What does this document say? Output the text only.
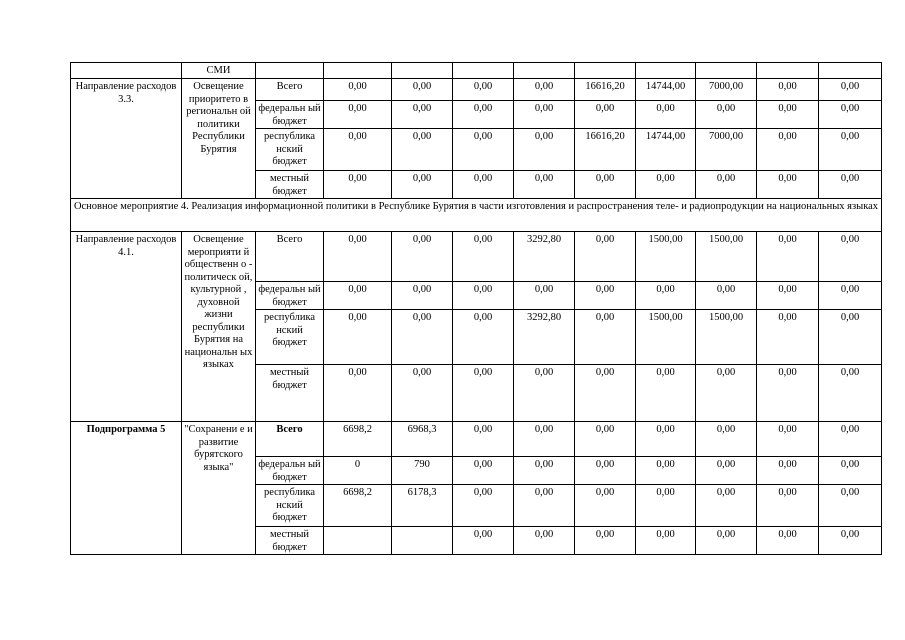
	СМИ										
Направление расходов 3.3.	Освещение приоритето в региональн ой политики Республики Бурятия	Всего	0,00	0,00	0,00	0,00	16616,20	14744,00	7000,00	0,00	0,00
		федеральн ый бюджет	0,00	0,00	0,00	0,00	0,00	0,00	0,00	0,00	0,00
		республика нский бюджет	0,00	0,00	0,00	0,00	16616,20	14744,00	7000,00	0,00	0,00
		местный бюджет	0,00	0,00	0,00	0,00	0,00	0,00	0,00	0,00	0,00
Основное мероприятие 4. Реализация информационной политики в Республике Бурятия в части изготовления и распространения теле- и радиопродукции на национальных языках											
Направление расходов 4.1.	Освещение мероприяти й общественн о - политическ ой, культурной , духовной жизни республики Бурятия на национальн ых языках	Всего	0,00	0,00	0,00	3292,80	0,00	1500,00	1500,00	0,00	0,00
		федеральн ый бюджет	0,00	0,00	0,00	0,00	0,00	0,00	0,00	0,00	0,00
		республика нский бюджет	0,00	0,00	0,00	3292,80	0,00	1500,00	1500,00	0,00	0,00
		местный бюджет	0,00	0,00	0,00	0,00	0,00	0,00	0,00	0,00	0,00
Подпрограмма 5	"Сохранени е и развитие бурятского языка"	Всего	6698,2	6968,3	0,00	0,00	0,00	0,00	0,00	0,00	0,00
		федеральн ый бюджет	0	790	0,00	0,00	0,00	0,00	0,00	0,00	0,00
		республика нский бюджет	6698,2	6178,3	0,00	0,00	0,00	0,00	0,00	0,00	0,00
		местный бюджет			0,00	0,00	0,00	0,00	0,00	0,00	0,00
